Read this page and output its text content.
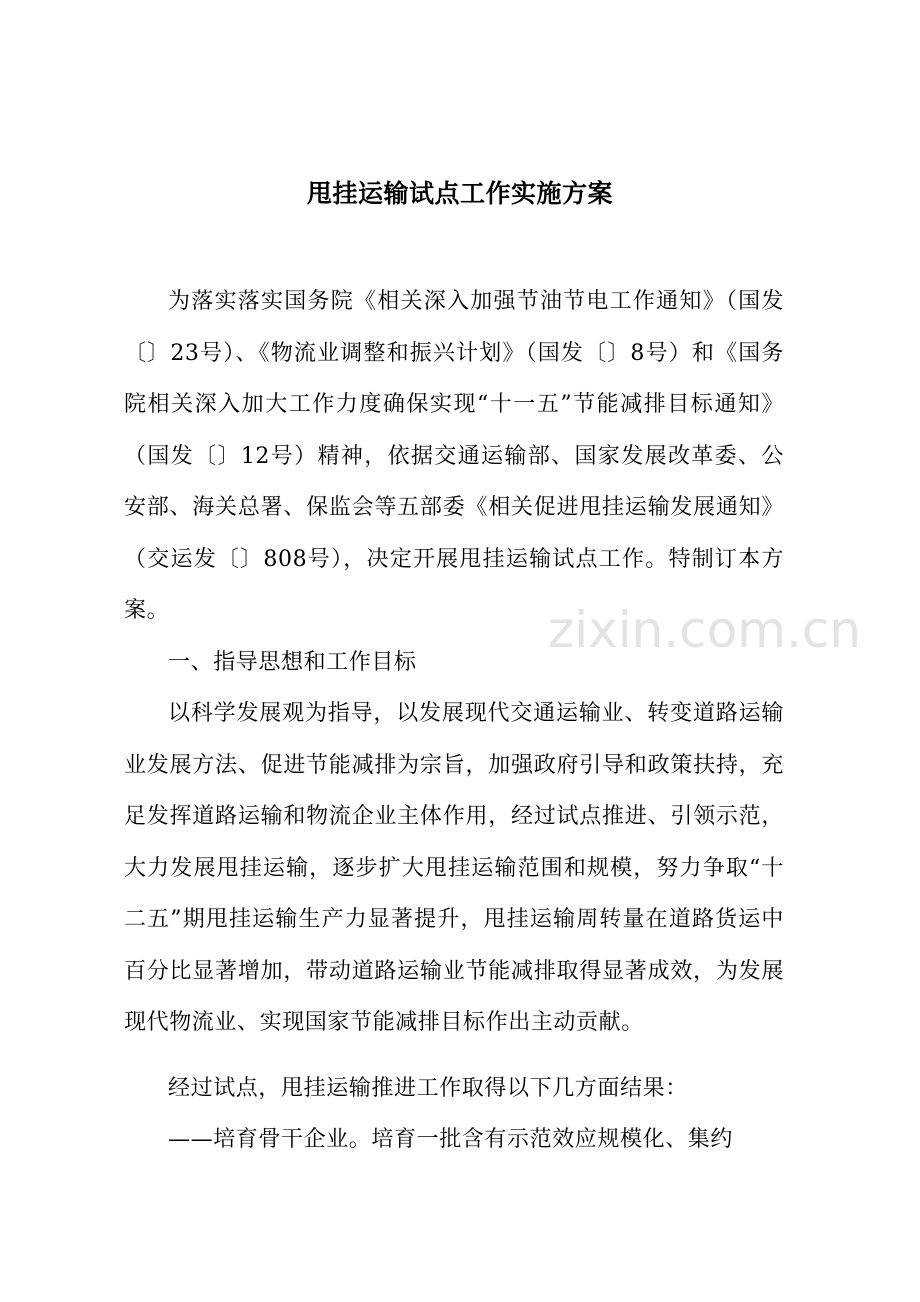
甩挂运输试点工作实施方案

为落实落实国务院《相关深入加强节油节电工作通知》（国发〔〕23号）、《物流业调整和振兴计划》（国发〔〕8号）和《国务院相关深入加大工作力度确保实现“十一五”节能减排目标通知》（国发〔〕12号）精神，依据交通运输部、国家发展改革委、公安部、海关总署、保监会等五部委《相关促进甩挂运输发展通知》（交运发〔〕808号），决定开展甩挂运输试点工作。特制订本方案。

一、指导思想和工作目标

以科学发展观为指导，以发展现代交通运输业、转变道路运输业发展方法、促进节能减排为宗旨，加强政府引导和政策扶持，充足发挥道路运输和物流企业主体作用，经过试点推进、引领示范，大力发展甩挂运输，逐步扩大甩挂运输范围和规模，努力争取“十二五”期甩挂运输生产力显著提升，甩挂运输周转量在道路货运中百分比显著增加，带动道路运输业节能减排取得显著成效，为发展现代物流业、实现国家节能减排目标作出主动贡献。

经过试点，甩挂运输推进工作取得以下几方面结果：

——培育骨干企业。培育一批含有示范效应规模化、集约

zixin.com.cn
